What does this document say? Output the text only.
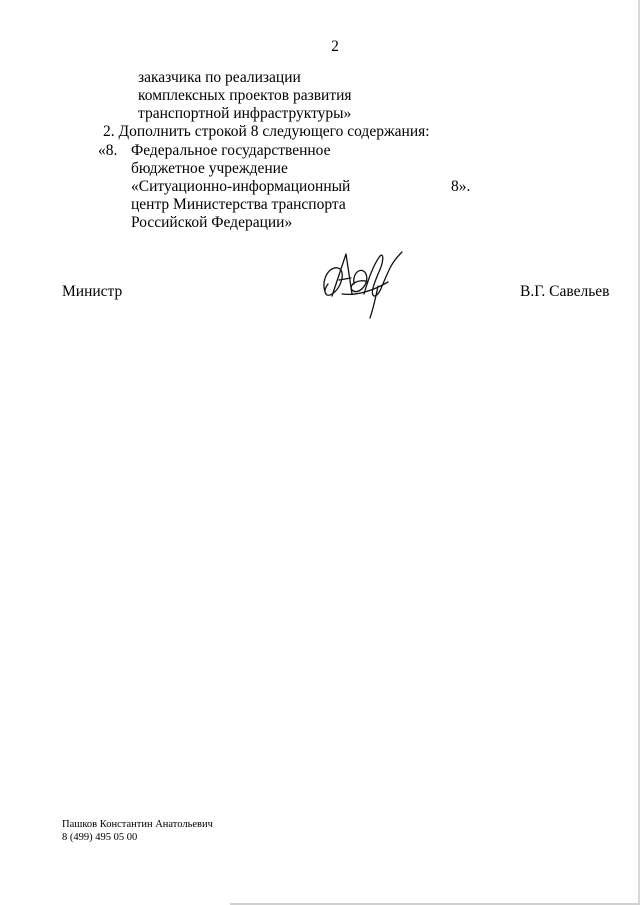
2
заказчика по реализации
комплексных проектов развития
транспортной инфраструктуры»
2. Дополнить строкой 8 следующего содержания:
«8. Федеральное государственное
бюджетное учреждение
«Ситуационно-информационный
центр Министерства транспорта
Российской Федерации»
8».
Министр	В.Г. Савельев
Пашков Константин Анатольевич
8 (499) 495 05 00
